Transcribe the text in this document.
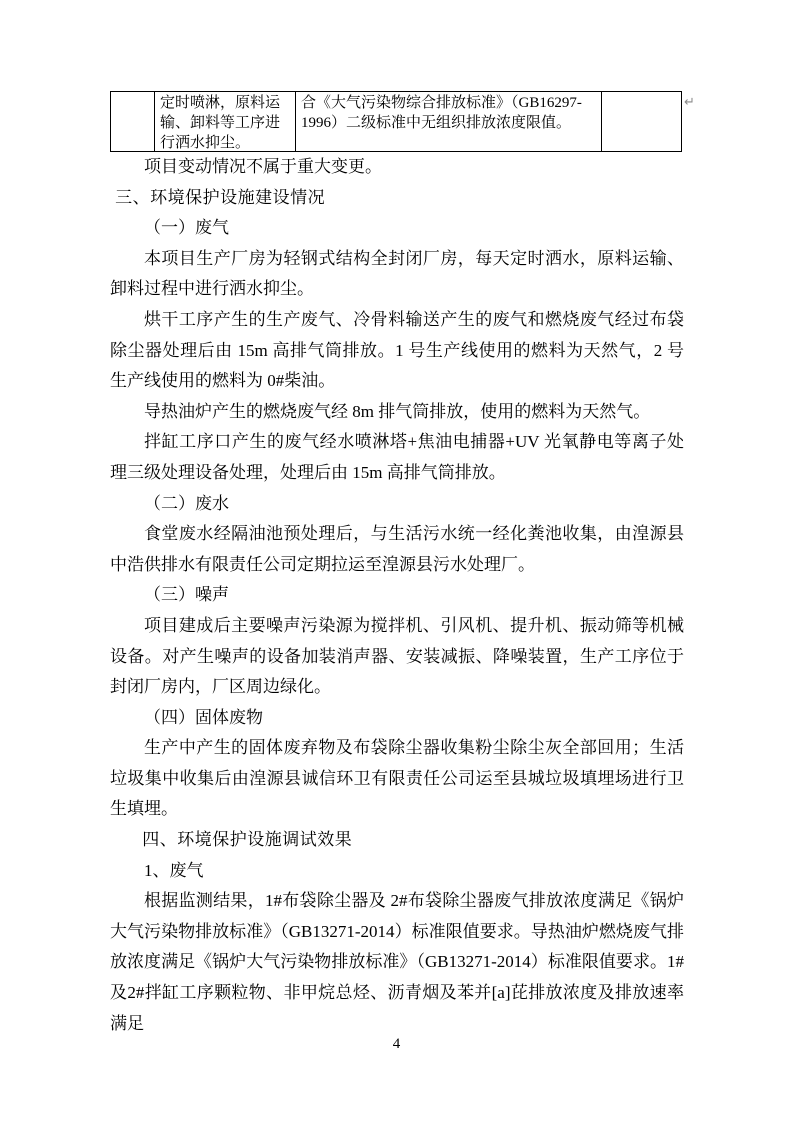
定时喷淋，原料运输、卸料等工序进行洒水抑尘。
合《大气污染物综合排放标准》（GB16297-1996）二级标准中无组织排放浓度限值。
↵

项目变动情况不属于重大变更。

三、环境保护设施建设情况

（一）废气

本项目生产厂房为轻钢式结构全封闭厂房，每天定时洒水，原料运输、卸料过程中进行洒水抑尘。

烘干工序产生的生产废气、冷骨料输送产生的废气和燃烧废气经过布袋除尘器处理后由 15m 高排气筒排放。1 号生产线使用的燃料为天然气，2 号生产线使用的燃料为 0#柴油。

导热油炉产生的燃烧废气经 8m 排气筒排放，使用的燃料为天然气。

拌缸工序口产生的废气经水喷淋塔+焦油电捕器+UV 光氧静电等离子处理三级处理设备处理，处理后由 15m 高排气筒排放。

（二）废水

食堂废水经隔油池预处理后，与生活污水统一经化粪池收集，由湟源县中浩供排水有限责任公司定期拉运至湟源县污水处理厂。

（三）噪声

项目建成后主要噪声污染源为搅拌机、引风机、提升机、振动筛等机械设备。对产生噪声的设备加装消声器、安装减振、降噪装置，生产工序位于封闭厂房内，厂区周边绿化。

（四）固体废物

生产中产生的固体废弃物及布袋除尘器收集粉尘除尘灰全部回用；生活垃圾集中收集后由湟源县诚信环卫有限责任公司运至县城垃圾填埋场进行卫生填埋。

四、环境保护设施调试效果

1、废气

根据监测结果，1#布袋除尘器及 2#布袋除尘器废气排放浓度满足《锅炉大气污染物排放标准》（GB13271-2014）标准限值要求。导热油炉燃烧废气排放浓度满足《锅炉大气污染物排放标准》（GB13271-2014）标准限值要求。1#及2#拌缸工序颗粒物、非甲烷总烃、沥青烟及苯并[a]芘排放浓度及排放速率满足

4
